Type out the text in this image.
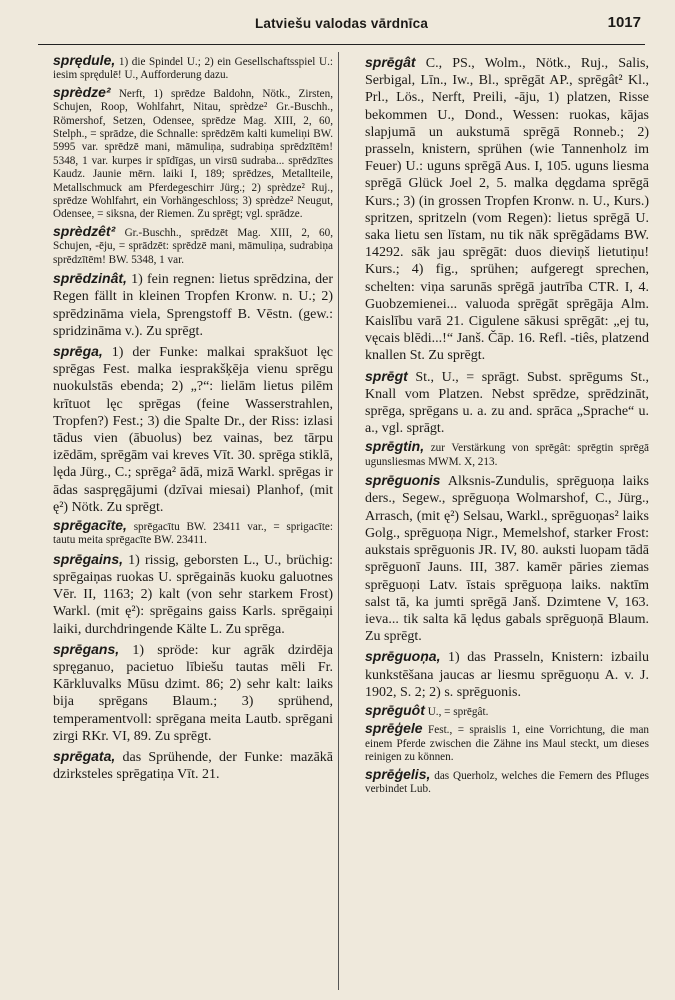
Latviešu valodas vārdnīca	1017

sprędule, 1) die Spindel U.; 2) ein Gesellschaftsspiel U.: iesim sprędulē! U., Aufforderung dazu.

sprèdze² Nerft, 1) sprēdze Baldohn, Nötk., Zirsten, Schujen, Roop, Wohlfahrt, Nitau, sprèdze² Gr.-Buschh., Römershof, Setzen, Odensee, sprēdze Mag. XIII, 2, 60, Stelph., = sprādze, die Schnalle: sprēdzēm kalti kumeliņi BW. 5995 var. sprēdzē mani, māmuliņa, sudrabiņa sprēdzītēm! 5348, 1 var. kurpes ir spīdīgas, un virsū sudraba... sprēdzītes Kaudz. Jaunie mērn. laiki I, 189; sprēdzes, Metallteile, Metallschmuck am Pferdegeschirr Jürg.; 2) sprèdze² Ruj., sprēdze Wohlfahrt, ein Vorhängeschloss; 3) sprèdze² Neugut, Odensee, = siksna, der Riemen. Zu sprēgt; vgl. sprādze.

sprèdzêt² Gr.-Buschh., sprēdzēt Mag. XIII, 2, 60, Schujen, -ēju, = sprādzēt: sprēdzē mani, māmuliņa, sudrabiņa sprēdzītēm! BW. 5348, 1 var.

sprēdzinât, 1) fein regnen: lietus sprēdzina, der Regen fällt in kleinen Tropfen Kronw. n. U.; 2) sprēdzināma viela, Sprengstoff B. Vēstn. (gew.: spridzināma v.). Zu sprēgt.

sprēga, 1) der Funke: malkai sprakšuot lęc sprēgas Fest. malka iesprakšķēja vienu sprēgu nuokulstās ebenda; 2) „?“: lielām lietus pilēm krītuot lęc sprēgas (feine Wasserstrahlen, Tropfen?) Fest.; 3) die Spalte Dr., der Riss: izlasi tādus vien (ābuolus) bez vainas, bez tārpu izēdām, sprēgām vai kreves Vīt. 30. sprēga stiklā, lęda Jürg., C.; sprēga² ādā, mizā Warkl. sprēgas ir ādas saspręgājumi (dzīvai miesai) Planhof, (mit ę²) Nötk. Zu sprēgt.

sprēgacīte, sprēgacītu BW. 23411 var., = sprigacīte: tautu meita sprēgacīte BW. 23411.

sprēgains, 1) rissig, geborsten L., U., brüchig: sprēgaiņas ruokas U. sprēgainās kuoku galuotnes Vēr. II, 1163; 2) kalt (von sehr starkem Frost) Warkl. (mit ę²): sprēgains gaiss Karls. sprēgaiņi laiki, durchdringende Kälte L. Zu sprēga.

sprēgans, 1) spröde: kur agrāk dzirdēja spręganuo, pacietuo lībiešu tautas mēli Fr. Kārkluvalks Mūsu dzimt. 86; 2) sehr kalt: laiks bija sprēgans Blaum.; 3) sprühend, temperamentvoll: sprēgana meita Lautb. sprēgani zirgi RKr. VI, 89. Zu sprēgt.

sprēgata, das Sprühende, der Funke: mazākā dzirksteles sprēgatiņa Vīt. 21.

sprēgât C., PS., Wolm., Nötk., Ruj., Salis, Serbigal, Līn., Iw., Bl., sprēgāt AP., sprēgât² Kl., Prl., Lös., Nerft, Preili, -āju, 1) platzen, Risse bekommen U., Dond., Wessen: ruokas, kājas slapjumā un aukstumā sprēgā Ronneb.; 2) prasseln, knistern, sprühen (wie Tannenholz im Feuer) U.: uguns sprēgā Aus. I, 105. uguns liesma sprēgā Glück Joel 2, 5. malka dęgdama sprēgā Kurs.; 3) (in grossen Tropfen Kronw. n. U., Kurs.) spritzen, spritzeln (vom Regen): lietus sprēgā U. saka lietu sen līstam, nu tik nāk sprēgādams BW. 14292. sāk jau sprēgāt: duos dieviņš lietutiņu! Kurs.; 4) fig., sprühen; aufgeregt sprechen, schelten: viņa sarunās sprēgā jautrība CTR. I, 4. Guobzemienei... valuoda sprēgāt sprēgāja Alm. Kaislību varā 21. Cigulene sākusi sprēgāt: „ej tu, vęcais blēdi...!“ Janš. Čāp. 16. Refl. -tiês, platzend knallen St. Zu sprēgt.

sprēgt St., U., = sprāgt. Subst. sprēgums St., Knall vom Platzen. Nebst sprēdze, sprēdzināt, sprēga, sprēgans u. a. zu and. sprāca „Sprache“ u. a., vgl. sprāgt.

sprēgtin, zur Verstärkung von sprēgât: sprēgtin sprēgā ugunsliesmas MWM. X, 213.

sprēguonis Alksnis-Zundulis, sprēguoņa laiks ders., Segew., sprēguoņa Wolmarshof, C., Jürg., Arrasch, (mit ę²) Selsau, Warkl., sprēguoņas² laiks Golg., sprēguoņa Nigr., Memelshof, starker Frost: aukstais sprēguonis JR. IV, 80. auksti luopam tādā sprēguonī Jauns. III, 387. kamēr pāries ziemas sprēguoņi Latv. īstais sprēguoņa laiks. naktīm salst tā, ka jumti sprēgā Janš. Dzimtene V, 163. ieva... tik salta kā lędus gabals sprēguoņā Blaum. Zu sprēgt.

sprēguoņa, 1) das Prasseln, Knistern: izbailu kunkstēšana jaucas ar liesmu sprēguoņu A. v. J. 1902, S. 2; 2) s. sprēguonis.

sprēguôt U., = sprēgât.

sprēģele Fest., = spraislis 1, eine Vorrichtung, die man einem Pferde zwischen die Zähne ins Maul steckt, um dieses reinigen zu können.

sprēģelis, das Querholz, welches die Femern des Pfluges verbindet Lub.
